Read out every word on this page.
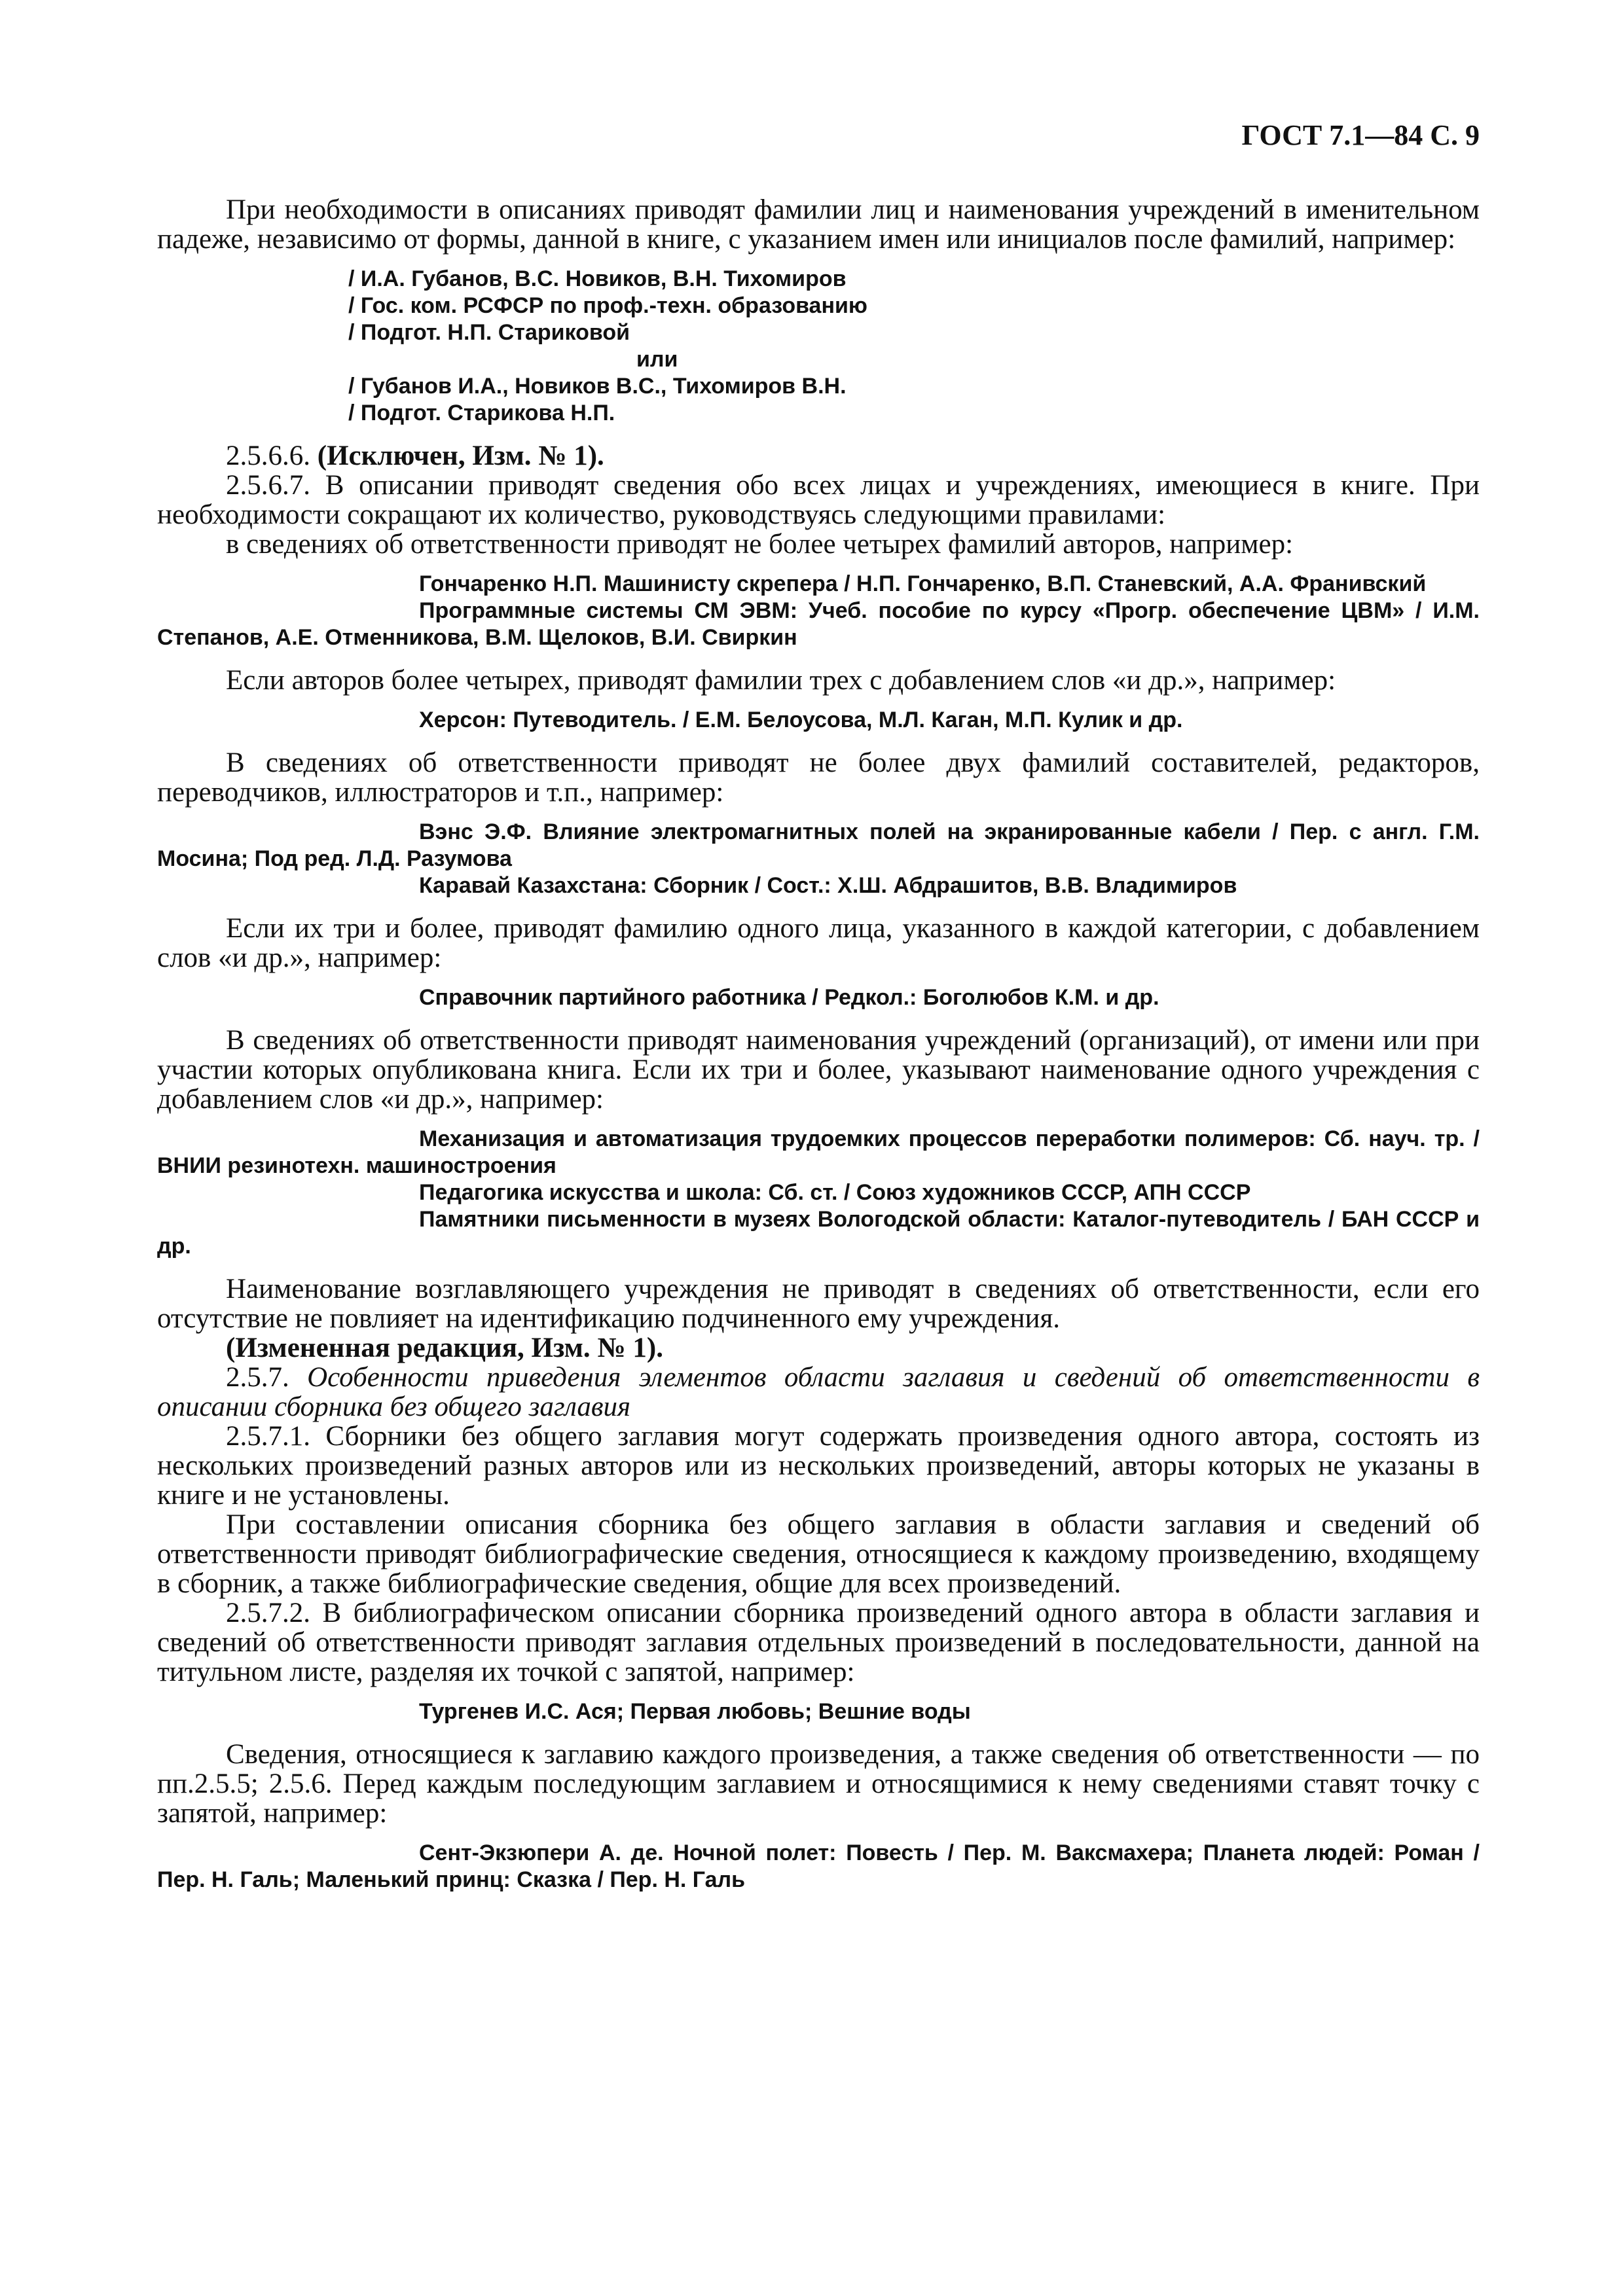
ГОСТ 7.1—84 С. 9

При необходимости в описаниях приводят фамилии лиц и наименования учреждений в именительном падеже, независимо от формы, данной в книге, с указанием имен или инициалов после фамилий, например:

/ И.А. Губанов, В.С. Новиков, В.Н. Тихомиров

/ Гос. ком. РСФСР по проф.-техн. образованию

/ Подгот. Н.П. Стариковой

или

/ Губанов И.А., Новиков В.С., Тихомиров В.Н.

/ Подгот. Старикова Н.П.

2.5.6.6. (Исключен, Изм. № 1).

2.5.6.7. В описании приводят сведения обо всех лицах и учреждениях, имеющиеся в книге. При необходимости сокращают их количество, руководствуясь следующими правилами:

в сведениях об ответственности приводят не более четырех фамилий авторов, например:

Гончаренко Н.П. Машинисту скрепера / Н.П. Гончаренко, В.П. Станевский, А.А. Франивский

Программные системы СМ ЭВМ: Учеб. пособие по курсу «Прогр. обеспечение ЦВМ» / И.М. Степанов, А.Е. Отменникова, В.М. Щелоков, В.И. Свиркин

Если авторов более четырех, приводят фамилии трех с добавлением слов «и др.», например:

Херсон: Путеводитель. / Е.М. Белоусова, М.Л. Каган, М.П. Кулик и др.

В сведениях об ответственности приводят не более двух фамилий составителей, редакторов, переводчиков, иллюстраторов и т.п., например:

Вэнс Э.Ф. Влияние электромагнитных полей на экранированные кабели / Пер. с англ. Г.М. Мосина; Под ред. Л.Д. Разумова

Каравай Казахстана: Сборник / Сост.: Х.Ш. Абдрашитов, В.В. Владимиров

Если их три и более, приводят фамилию одного лица, указанного в каждой категории, с добавлением слов «и др.», например:

Справочник партийного работника / Редкол.: Боголюбов К.М. и др.

В сведениях об ответственности приводят наименования учреждений (организаций), от имени или при участии которых опубликована книга. Если их три и более, указывают наименование одного учреждения с добавлением слов «и др.», например:

Механизация и автоматизация трудоемких процессов переработки полимеров: Сб. науч. тр. / ВНИИ резинотехн. машиностроения

Педагогика искусства и школа: Сб. ст. / Союз художников СССР, АПН СССР

Памятники письменности в музеях Вологодской области: Каталог-путеводитель / БАН СССР и др.

Наименование возглавляющего учреждения не приводят в сведениях об ответственности, если его отсутствие не повлияет на идентификацию подчиненного ему учреждения.

(Измененная редакция, Изм. № 1).

2.5.7. Особенности приведения элементов области заглавия и сведений об ответственности в описании сборника без общего заглавия

2.5.7.1. Сборники без общего заглавия могут содержать произведения одного автора, состоять из нескольких произведений разных авторов или из нескольких произведений, авторы которых не указаны в книге и не установлены.

При составлении описания сборника без общего заглавия в области заглавия и сведений об ответственности приводят библиографические сведения, относящиеся к каждому произведению, входящему в сборник, а также библиографические сведения, общие для всех произведений.

2.5.7.2. В библиографическом описании сборника произведений одного автора в области заглавия и сведений об ответственности приводят заглавия отдельных произведений в последовательности, данной на титульном листе, разделяя их точкой с запятой, например:

Тургенев И.С. Ася; Первая любовь; Вешние воды

Сведения, относящиеся к заглавию каждого произведения, а также сведения об ответственности — по пп.2.5.5; 2.5.6. Перед каждым последующим заглавием и относящимися к нему сведениями ставят точку с запятой, например:

Сент-Экзюпери А. де. Ночной полет: Повесть / Пер. М. Ваксмахера; Планета людей: Роман / Пер. Н. Галь; Маленький принц: Сказка / Пер. Н. Галь
